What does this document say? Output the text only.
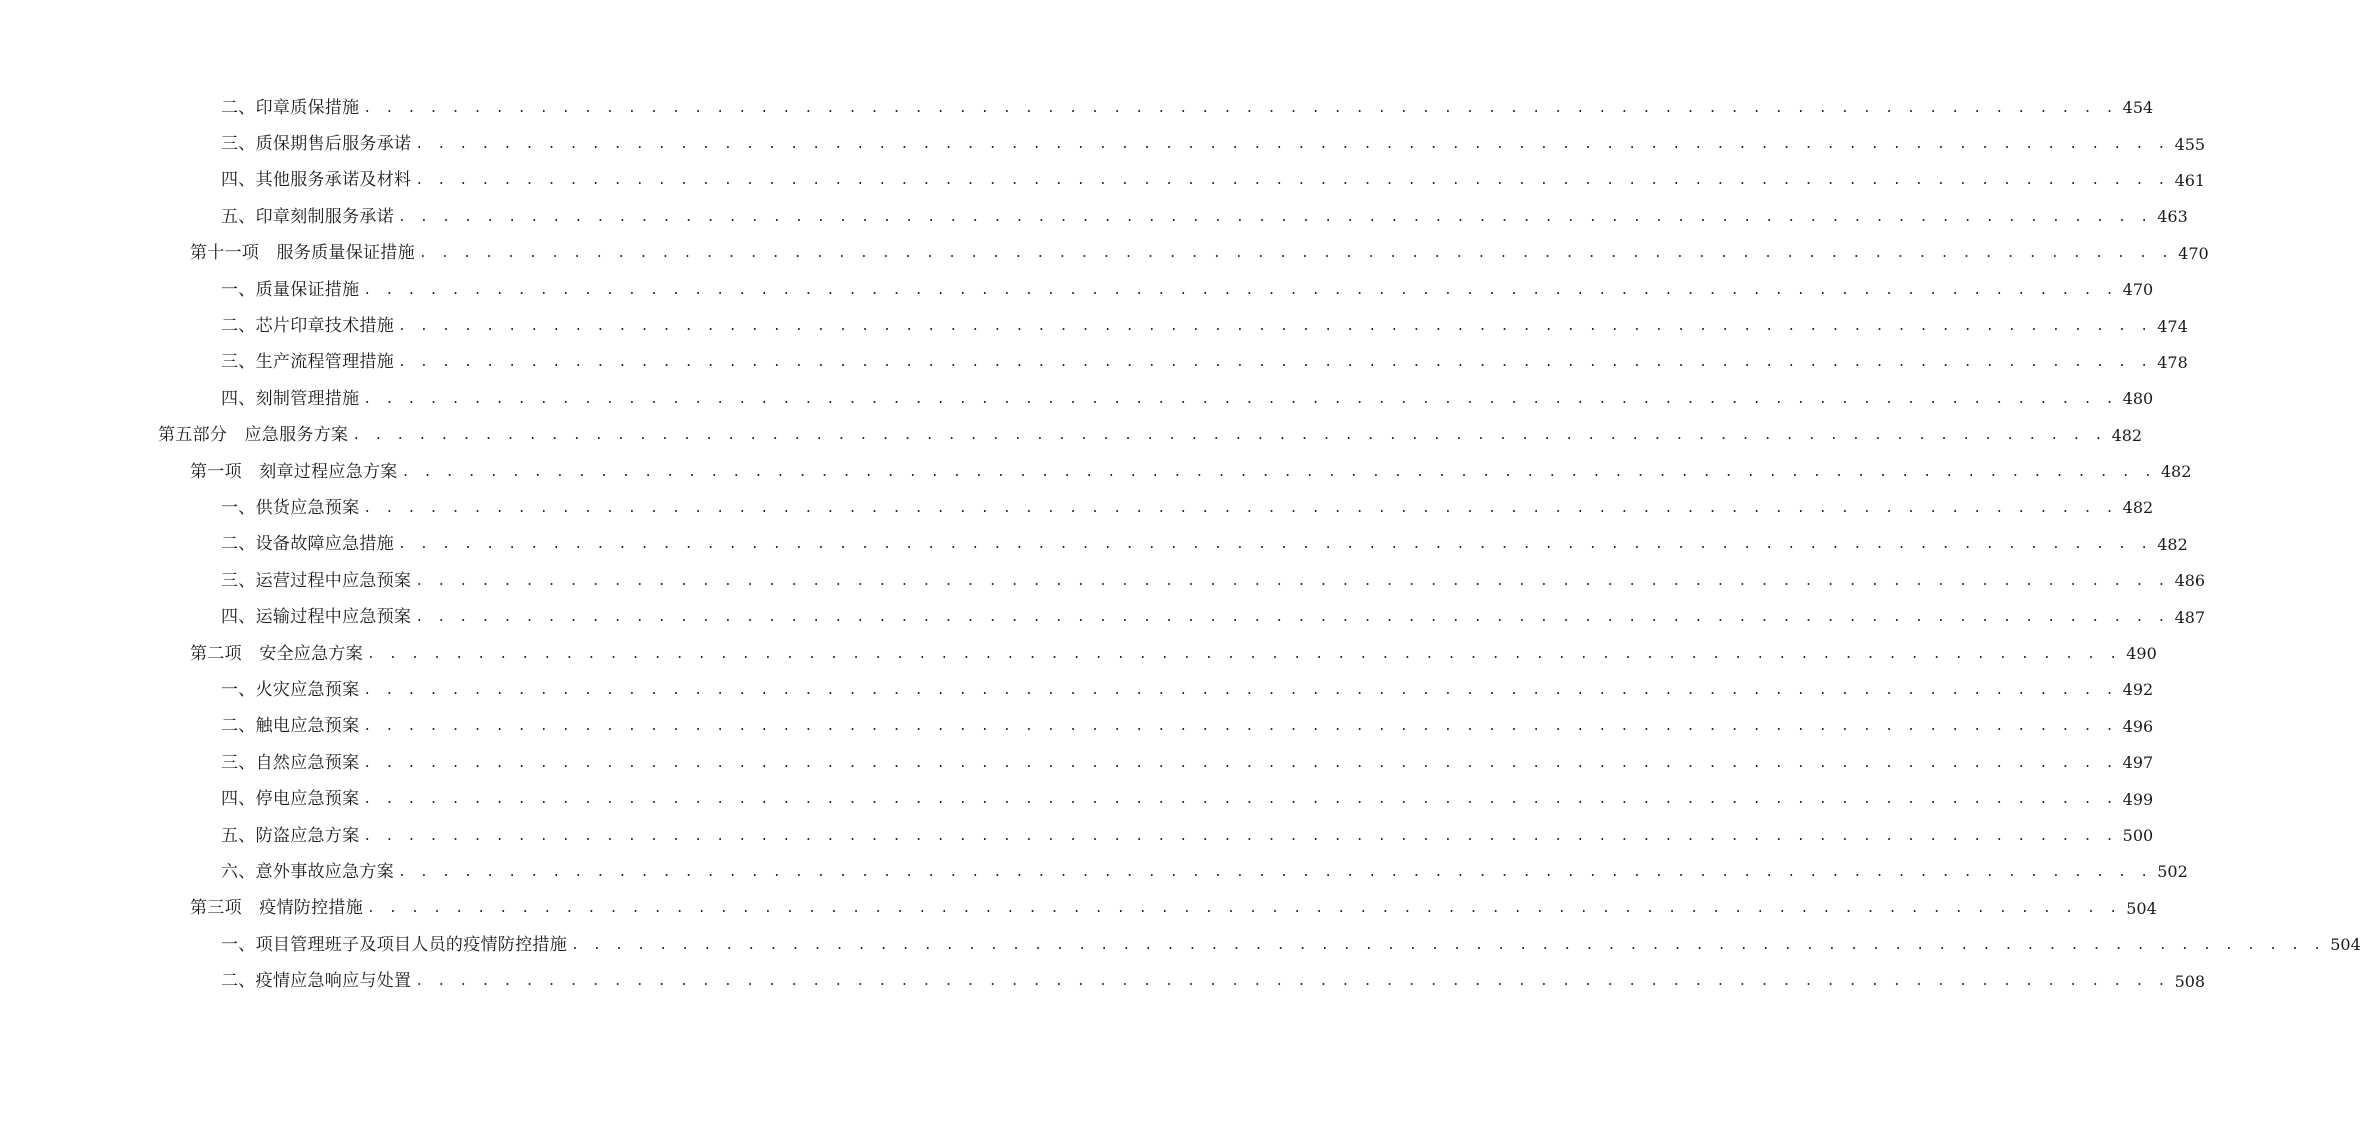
二、印章质保措施 . . . . . . . . . . . . . . . . . . . . . . . . . . . . . . . . . . . . . . . . . . . . . . . . . . . . . . . . . . . . . . . . . . . . . . . . . . . . . . . . 454
三、质保期售后服务承诺 . . . . . . . . . . . . . . . . . . . . . . . . . . . . . . . . . . . . . . . . . . . . . . . . . . . . . . . . . . . . . . . . . . . . . . . . . . . . . . . . 455
四、其他服务承诺及材料 . . . . . . . . . . . . . . . . . . . . . . . . . . . . . . . . . . . . . . . . . . . . . . . . . . . . . . . . . . . . . . . . . . . . . . . . . . . . . . . . 461
五、印章刻制服务承诺 . . . . . . . . . . . . . . . . . . . . . . . . . . . . . . . . . . . . . . . . . . . . . . . . . . . . . . . . . . . . . . . . . . . . . . . . . . . . . . . . 463
第十一项　服务质量保证措施 . . . . . . . . . . . . . . . . . . . . . . . . . . . . . . . . . . . . . . . . . . . . . . . . . . . . . . . . . . . . . . . . . . . . . . . . . . . . . . . . 470
一、质量保证措施 . . . . . . . . . . . . . . . . . . . . . . . . . . . . . . . . . . . . . . . . . . . . . . . . . . . . . . . . . . . . . . . . . . . . . . . . . . . . . . . . 470
二、芯片印章技术措施 . . . . . . . . . . . . . . . . . . . . . . . . . . . . . . . . . . . . . . . . . . . . . . . . . . . . . . . . . . . . . . . . . . . . . . . . . . . . . . . . 474
三、生产流程管理措施 . . . . . . . . . . . . . . . . . . . . . . . . . . . . . . . . . . . . . . . . . . . . . . . . . . . . . . . . . . . . . . . . . . . . . . . . . . . . . . . . 478
四、刻制管理措施 . . . . . . . . . . . . . . . . . . . . . . . . . . . . . . . . . . . . . . . . . . . . . . . . . . . . . . . . . . . . . . . . . . . . . . . . . . . . . . . . 480
第五部分　应急服务方案 . . . . . . . . . . . . . . . . . . . . . . . . . . . . . . . . . . . . . . . . . . . . . . . . . . . . . . . . . . . . . . . . . . . . . . . . . . . . . . . . 482
第一项　刻章过程应急方案 . . . . . . . . . . . . . . . . . . . . . . . . . . . . . . . . . . . . . . . . . . . . . . . . . . . . . . . . . . . . . . . . . . . . . . . . . . . . . . . . 482
一、供货应急预案 . . . . . . . . . . . . . . . . . . . . . . . . . . . . . . . . . . . . . . . . . . . . . . . . . . . . . . . . . . . . . . . . . . . . . . . . . . . . . . . . 482
二、设备故障应急措施 . . . . . . . . . . . . . . . . . . . . . . . . . . . . . . . . . . . . . . . . . . . . . . . . . . . . . . . . . . . . . . . . . . . . . . . . . . . . . . . . 482
三、运营过程中应急预案 . . . . . . . . . . . . . . . . . . . . . . . . . . . . . . . . . . . . . . . . . . . . . . . . . . . . . . . . . . . . . . . . . . . . . . . . . . . . . . . . 486
四、运输过程中应急预案 . . . . . . . . . . . . . . . . . . . . . . . . . . . . . . . . . . . . . . . . . . . . . . . . . . . . . . . . . . . . . . . . . . . . . . . . . . . . . . . . 487
第二项　安全应急方案 . . . . . . . . . . . . . . . . . . . . . . . . . . . . . . . . . . . . . . . . . . . . . . . . . . . . . . . . . . . . . . . . . . . . . . . . . . . . . . . . 490
一、火灾应急预案 . . . . . . . . . . . . . . . . . . . . . . . . . . . . . . . . . . . . . . . . . . . . . . . . . . . . . . . . . . . . . . . . . . . . . . . . . . . . . . . . 492
二、触电应急预案 . . . . . . . . . . . . . . . . . . . . . . . . . . . . . . . . . . . . . . . . . . . . . . . . . . . . . . . . . . . . . . . . . . . . . . . . . . . . . . . . 496
三、自然应急预案 . . . . . . . . . . . . . . . . . . . . . . . . . . . . . . . . . . . . . . . . . . . . . . . . . . . . . . . . . . . . . . . . . . . . . . . . . . . . . . . . 497
四、停电应急预案 . . . . . . . . . . . . . . . . . . . . . . . . . . . . . . . . . . . . . . . . . . . . . . . . . . . . . . . . . . . . . . . . . . . . . . . . . . . . . . . . 499
五、防盗应急方案 . . . . . . . . . . . . . . . . . . . . . . . . . . . . . . . . . . . . . . . . . . . . . . . . . . . . . . . . . . . . . . . . . . . . . . . . . . . . . . . . 500
六、意外事故应急方案 . . . . . . . . . . . . . . . . . . . . . . . . . . . . . . . . . . . . . . . . . . . . . . . . . . . . . . . . . . . . . . . . . . . . . . . . . . . . . . . . 502
第三项　疫情防控措施 . . . . . . . . . . . . . . . . . . . . . . . . . . . . . . . . . . . . . . . . . . . . . . . . . . . . . . . . . . . . . . . . . . . . . . . . . . . . . . . . 504
一、项目管理班子及项目人员的疫情防控措施 . . . . . . . . . . . . . . . . . . . . . . . . . . . . . . . . . . . . . . . . . . . . . . . . . . . . . . . . . . . . . . . . . . . . . . . . . . . . . . . . 504
二、疫情应急响应与处置 . . . . . . . . . . . . . . . . . . . . . . . . . . . . . . . . . . . . . . . . . . . . . . . . . . . . . . . . . . . . . . . . . . . . . . . . . . . . . . . . 508
